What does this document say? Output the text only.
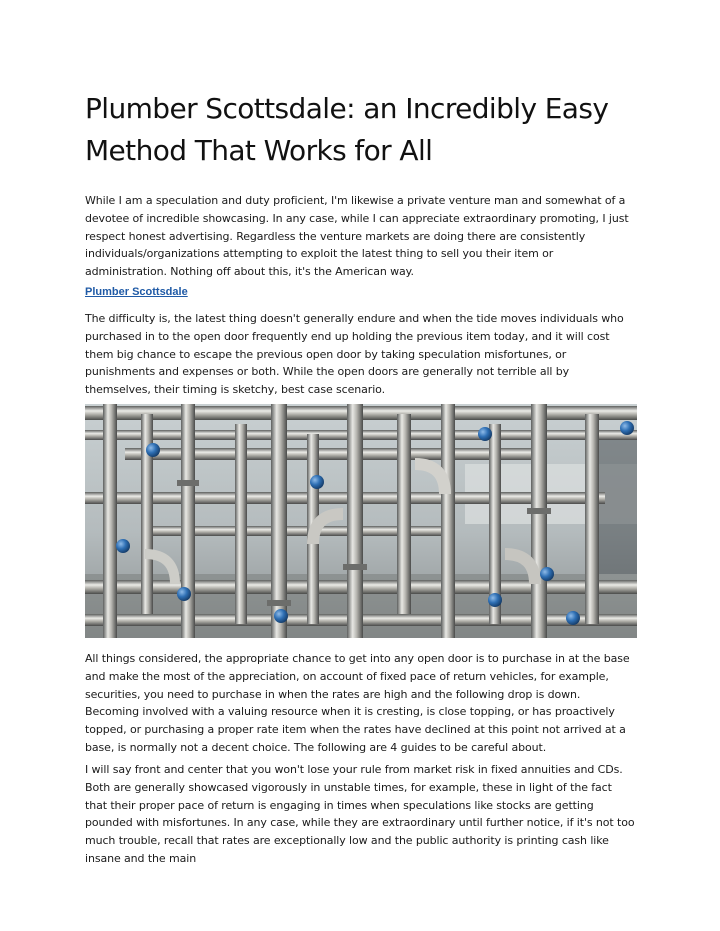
Plumber Scottsdale: an Incredibly Easy Method That Works for All

While I am a speculation and duty proficient, I'm likewise a private venture man and somewhat of a devotee of incredible showcasing. In any case, while I can appreciate extraordinary promoting, I just respect honest advertising. Regardless the venture markets are doing there are consistently individuals/organizations attempting to exploit the latest thing to sell you their item or administration. Nothing off about this, it's the American way.

Plumber Scottsdale

The difficulty is, the latest thing doesn't generally endure and when the tide moves individuals who purchased in to the open door frequently end up holding the previous item today, and it will cost them big chance to escape the previous open door by taking speculation misfortunes, or punishments and expenses or both. While the open doors are generally not terrible all by themselves, their timing is sketchy, best case scenario.

All things considered, the appropriate chance to get into any open door is to purchase in at the base and make the most of the appreciation, on account of fixed pace of return vehicles, for example, securities, you need to purchase in when the rates are high and the following drop is down. Becoming involved with a valuing resource when it is cresting, is close topping, or has proactively topped, or purchasing a proper rate item when the rates have declined at this point not arrived at a base, is normally not a decent choice. The following are 4 guides to be careful about.

I will say front and center that you won't lose your rule from market risk in fixed annuities and CDs. Both are generally showcased vigorously in unstable times, for example, these in light of the fact that their proper pace of return is engaging in times when speculations like stocks are getting pounded with misfortunes. In any case, while they are extraordinary until further notice, if it's not too much trouble, recall that rates are exceptionally low and the public authority is printing cash like insane and the main
